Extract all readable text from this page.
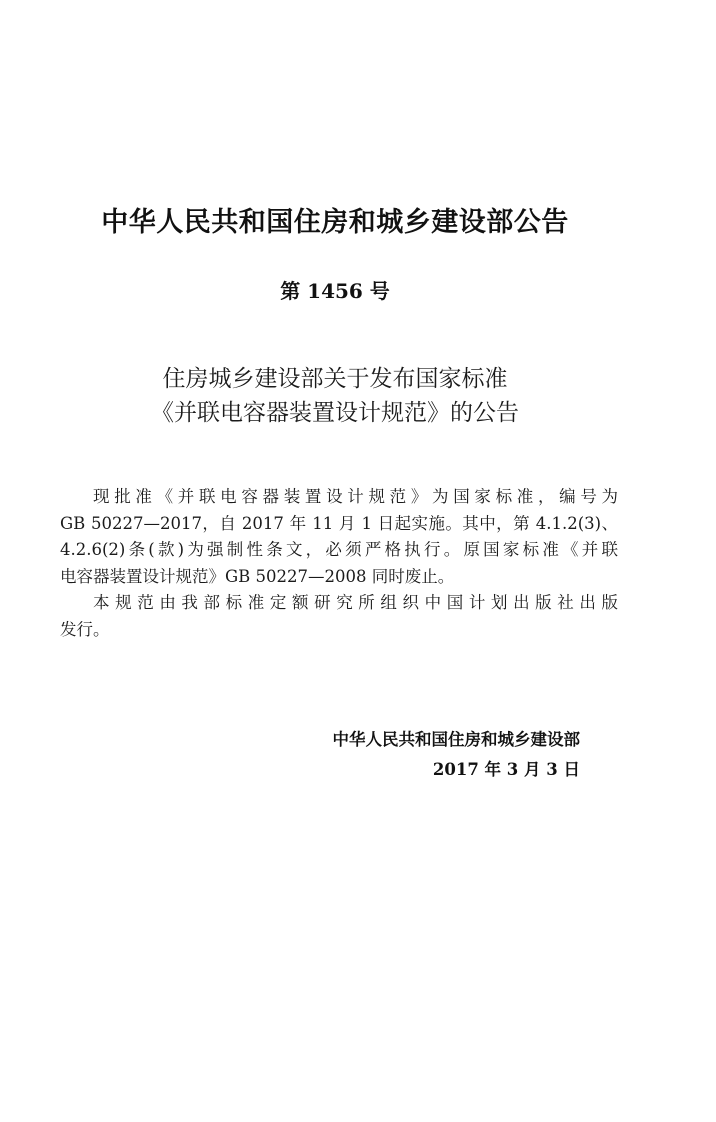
中华人民共和国住房和城乡建设部公告
第 1456 号
住房城乡建设部关于发布国家标准
《并联电容器装置设计规范》的公告
现批准《并联电容器装置设计规范》为国家标准，编号为
GB 50227—2017，自 2017 年 11 月 1 日起实施。其中，第 4.1.2(3)、
4.2.6(2)条(款)为强制性条文，必须严格执行。原国家标准《并联
电容器装置设计规范》GB 50227—2008 同时废止。
本规范由我部标准定额研究所组织中国计划出版社出版
发行。
中华人民共和国住房和城乡建设部
2017 年 3 月 3 日
